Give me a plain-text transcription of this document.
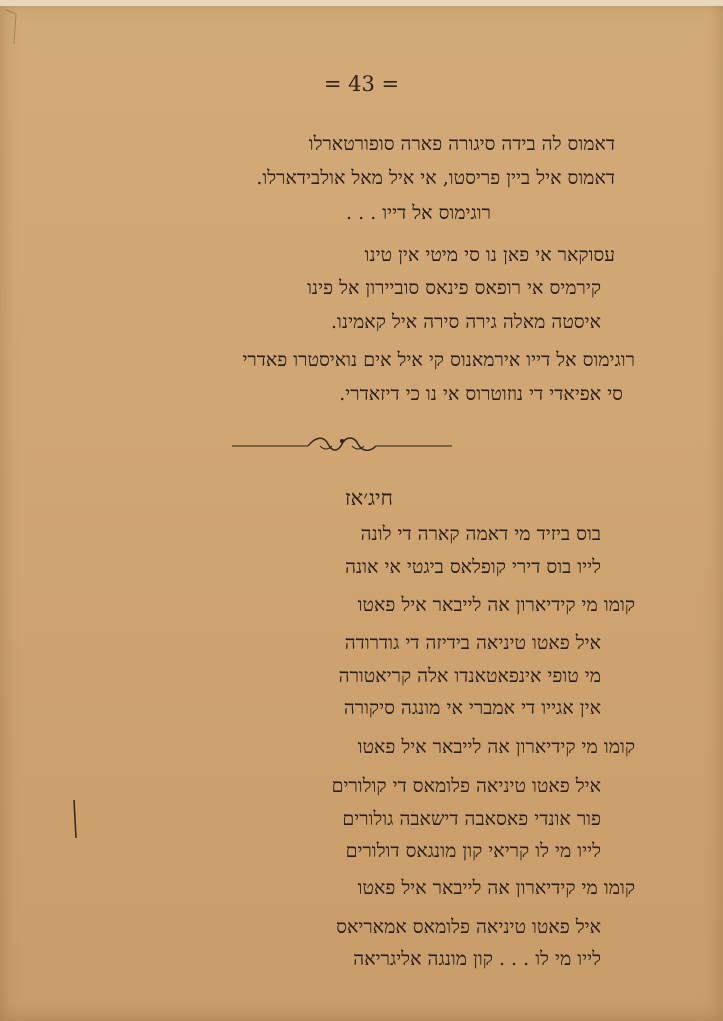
= 43 =
דאמוס לה בידה סיגורה פארה סופורטארלו
דאמוס איל ביין פריסטו, אי איל מאל אולבידארלו.
רוגימוס אל דייו . . .
עסוקאר אי פאן נו סי מיטי אין טינו
קירמיס אי רופאס פינאס סוביירון אל פינו
איסטה מאלה גירה סירה איל קאמינו.
רוגימוס אל דייו אירמאנוס קי איל אים נואיסטרו פאדרי
סי אפיאדי די נוזוטרוס אי נו כי דיזאדרי.
חיג׳אז
בוס ביזיד מי דאמה קארה די לונה
לייו בוס דירי קופלאס ביגטי אי אונה
קומו מי קידיארון אה לייבאר איל פאטו
איל פאטו טיניאה בידיזה די גודרודה
מי טופי אינפאטאנדו אלה קריאטורה
אין אגייו די אמברי אי מונגה סיקורה
קומו מי קידיארון אה לייבאר איל פאטו
איל פאטו טיניאה פלומאס די קולורים
פור אונדי פאסאבה דישאבה גולורים
לייו מי לו קריאי קון מונגאס דולורים
קומו מי קידיארון אה לייבאר איל פאטו
איל פאטו טיניאה פלומאס אמאריאס
לייו מי לו . . . קון מונגה אליגריאה
